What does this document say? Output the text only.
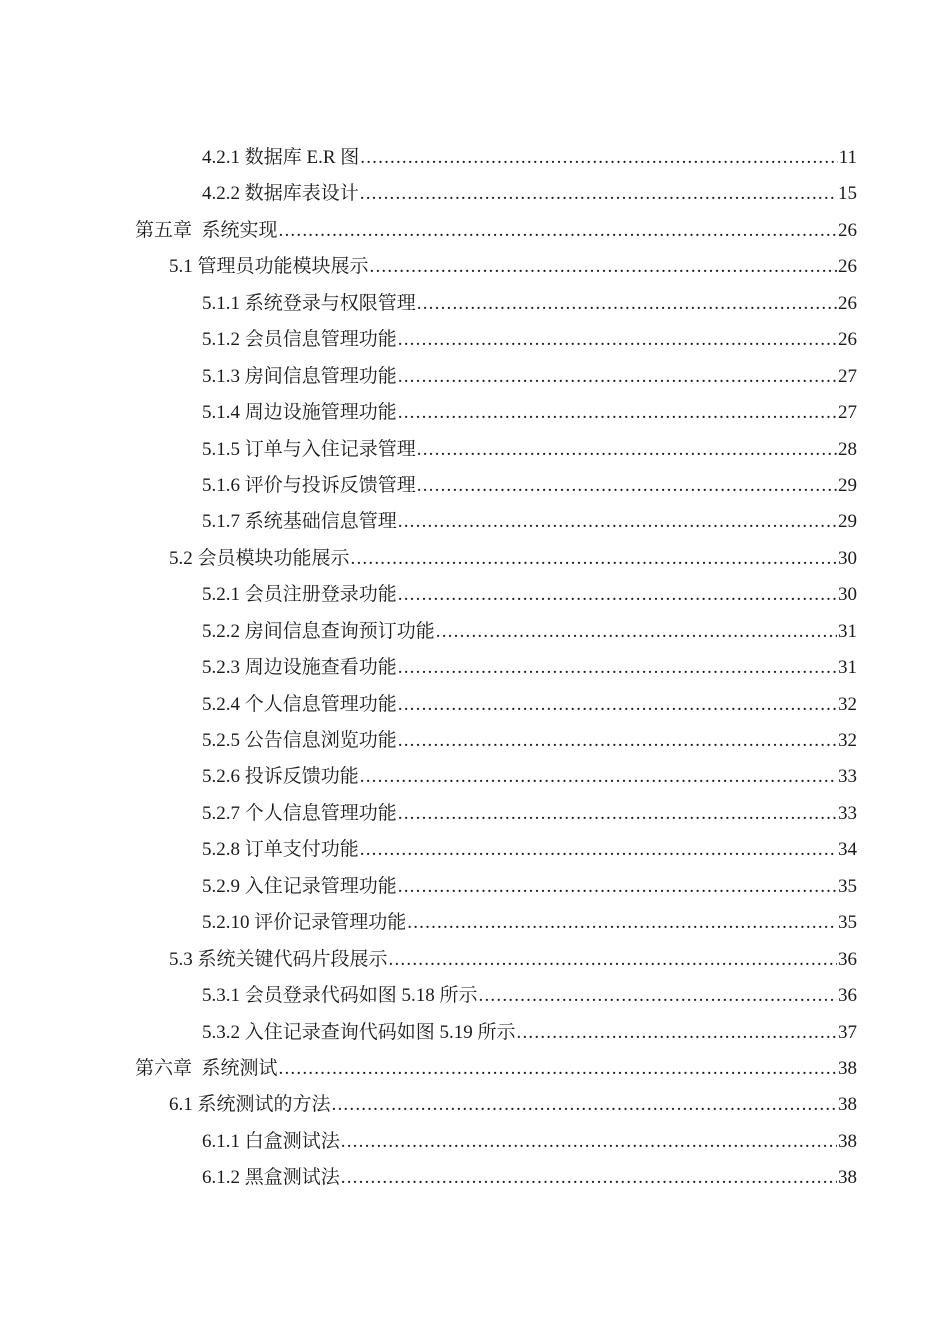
4.2.1 数据库 E.R 图 .....	11
4.2.2 数据库表设计 .....	15
第五章  系统实现 .....	26
5.1 管理员功能模块展示 .....	26
5.1.1 系统登录与权限管理 .....	26
5.1.2 会员信息管理功能 .....	26
5.1.3 房间信息管理功能 .....	27
5.1.4 周边设施管理功能 .....	27
5.1.5 订单与入住记录管理 .....	28
5.1.6 评价与投诉反馈管理 .....	29
5.1.7 系统基础信息管理 .....	29
5.2 会员模块功能展示 .....	30
5.2.1 会员注册登录功能 .....	30
5.2.2 房间信息查询预订功能 .....	31
5.2.3 周边设施查看功能 .....	31
5.2.4 个人信息管理功能 .....	32
5.2.5 公告信息浏览功能 .....	32
5.2.6 投诉反馈功能 .....	33
5.2.7 个人信息管理功能 .....	33
5.2.8 订单支付功能 .....	34
5.2.9 入住记录管理功能 .....	35
5.2.10 评价记录管理功能 .....	35
5.3 系统关键代码片段展示 .....	36
5.3.1 会员登录代码如图 5.18 所示 .....	36
5.3.2 入住记录查询代码如图 5.19 所示 .....	37
第六章  系统测试 .....	38
6.1 系统测试的方法 .....	38
6.1.1 白盒测试法 .....	38
6.1.2 黑盒测试法 .....	38
